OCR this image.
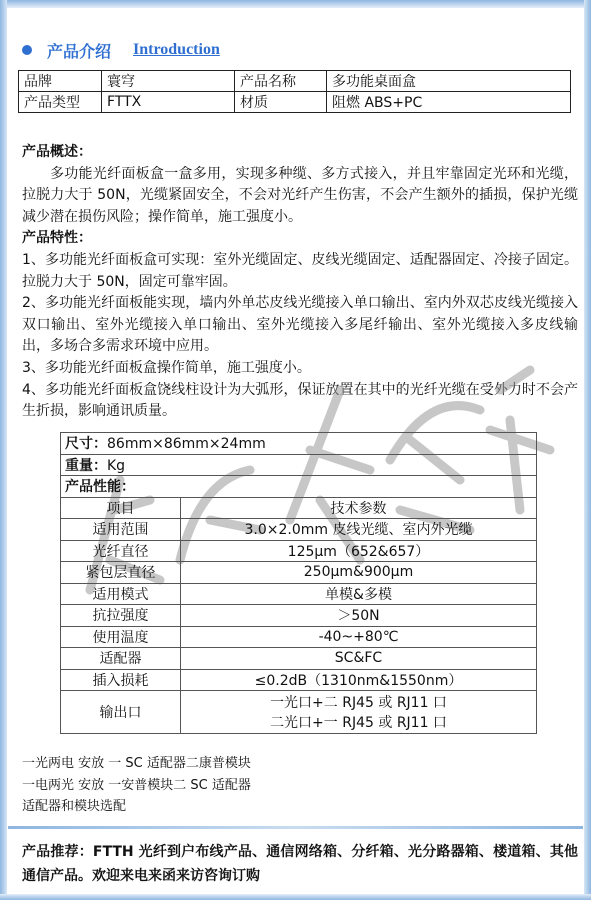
产品介绍 Introduction
品牌	寰穹	产品名称	多功能桌面盒
产品类型	FTTX	材质	阻燃 ABS+PC
产品概述：

多功能光纤面板盒一盒多用，实现多种缆、多方式接入，并且牢靠固定光环和光缆，拉脱力大于 50N，光缆紧固安全，不会对光纤产生伤害，不会产生额外的插损，保护光缆减少潜在损伤风险；操作简单，施工强度小。

产品特性：

1、多功能光纤面板盒可实现：室外光缆固定、皮线光缆固定、适配器固定、冷接子固定。拉脱力大于 50N，固定可靠牢固。

2、多功能光纤面板能实现，墙内外单芯皮线光缆接入单口输出、室内外双芯皮线光缆接入双口输出、室外光缆接入单口输出、室外光缆接入多尾纤输出、室外光缆接入多皮线输出，多场合多需求环境中应用。

3、多功能光纤面板盒操作简单，施工强度小。

4、多功能光纤面板盒饶线柱设计为大弧形，保证放置在其中的光纤光缆在受外力时不会产生折损，影响通讯质量。

尺寸：86mm×86mm×24mm	
重量：Kg	
产品性能：	
项目	技术参数
适用范围	3.0×2.0mm 皮线光缆、室内外光缆
光纤直径	125μm（652&657）
紧包层直径	250μm&900μm
适用模式	单模&多模
抗拉强度	＞50N
使用温度	-40~+80℃
适配器	SC&FC
插入损耗	≤0.2dB（1310nm&1550nm）
输出口	一光口+二 RJ45 或 RJ11 口
二光口+一 RJ45 或 RJ11 口
一光两电 安放 一 SC 适配器二康普模块
一电两光 安放 一安普模块二 SC 适配器
适配器和模块选配
产品推荐：FTTH 光纤到户布线产品、通信网络箱、分纤箱、光分路器箱、楼道箱、其他通信产品。欢迎来电来函来访咨询订购
